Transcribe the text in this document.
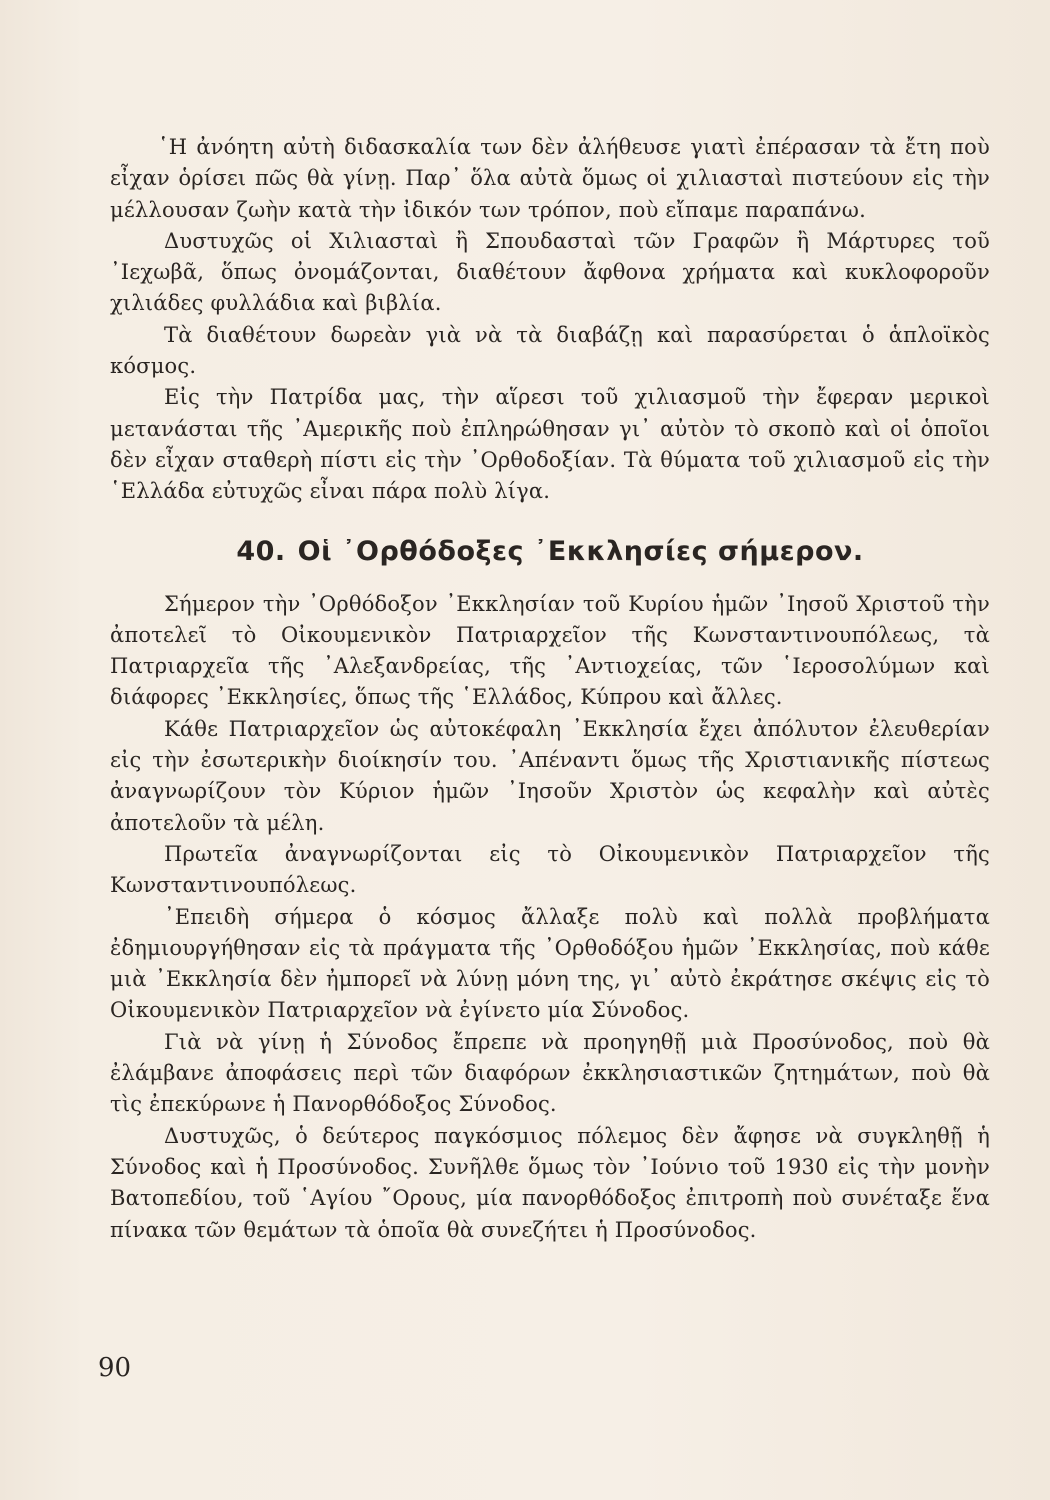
῾Η ἀνόητη αὐτὴ διδασκαλία των δὲν ἀλήθευσε γιατὶ ἐπέρασαν τὰ ἔτη ποὺ εἶχαν ὁρίσει πῶς θὰ γίνῃ. Παρ᾽ ὅλα αὐτὰ ὅμως οἱ χιλιασταὶ πιστεύουν εἰς τὴν μέλλουσαν ζωὴν κατὰ τὴν ἰδικόν των τρόπον, ποὺ εἴπαμε παραπάνω.

Δυστυχῶς οἱ Χιλιασταὶ ἢ Σπουδασταὶ τῶν Γραφῶν ἢ Μάρτυρες τοῦ ᾽Ιεχωβᾶ, ὅπως ὀνομάζονται, διαθέτουν ἄφθονα χρήματα καὶ κυκλοφοροῦν χιλιάδες φυλλάδια καὶ βιβλία.

Τὰ διαθέτουν δωρεὰν γιὰ νὰ τὰ διαβάζῃ καὶ παρασύρεται ὁ ἁπλοϊκὸς κόσμος.

Εἰς τὴν Πατρίδα μας, τὴν αἵρεσι τοῦ χιλιασμοῦ τὴν ἔφεραν μερικοὶ μετανάσται τῆς ᾽Αμερικῆς ποὺ ἐπληρώθησαν γι᾽ αὐτὸν τὸ σκοπὸ καὶ οἱ ὁποῖοι δὲν εἶχαν σταθερὴ πίστι εἰς τὴν ᾽Ορθοδοξίαν. Τὰ θύματα τοῦ χιλιασμοῦ εἰς τὴν ῾Ελλάδα εὐτυχῶς εἶναι πάρα πολὺ λίγα.

40. Οἱ ᾽Ορθόδοξες ᾽Εκκλησίες σήμερον.

Σήμερον τὴν ᾽Ορθόδοξον ᾽Εκκλησίαν τοῦ Κυρίου ἡμῶν ᾽Ιησοῦ Χριστοῦ τὴν ἀποτελεῖ τὸ Οἰκουμενικὸν Πατριαρχεῖον τῆς Κωνσταντινουπόλεως, τὰ Πατριαρχεῖα τῆς ᾽Αλεξανδρείας, τῆς ᾽Αντιοχείας, τῶν ῾Ιεροσολύμων καὶ διάφορες ᾽Εκκλησίες, ὅπως τῆς ῾Ελλάδος, Κύπρου καὶ ἄλλες.

Κάθε Πατριαρχεῖον ὡς αὐτοκέφαλη ᾽Εκκλησία ἔχει ἀπόλυτον ἐλευθερίαν εἰς τὴν ἐσωτερικὴν διοίκησίν του. ᾽Απέναντι ὅμως τῆς Χριστιανικῆς πίστεως ἀναγνωρίζουν τὸν Κύριον ἡμῶν ᾽Ιησοῦν Χριστὸν ὡς κεφαλὴν καὶ αὐτὲς ἀποτελοῦν τὰ μέλη.

Πρωτεῖα ἀναγνωρίζονται εἰς τὸ Οἰκουμενικὸν Πατριαρχεῖον τῆς Κωνσταντινουπόλεως.

᾽Επειδὴ σήμερα ὁ κόσμος ἄλλαξε πολὺ καὶ πολλὰ προβλήματα ἐδημιουργήθησαν εἰς τὰ πράγματα τῆς ᾽Ορθοδόξου ἡμῶν ᾽Εκκλησίας, ποὺ κάθε μιὰ ᾽Εκκλησία δὲν ἠμπορεῖ νὰ λύνῃ μόνη της, γι᾽ αὐτὸ ἐκράτησε σκέψις εἰς τὸ Οἰκουμενικὸν Πατριαρχεῖον νὰ ἐγίνετο μία Σύνοδος.

Γιὰ νὰ γίνῃ ἡ Σύνοδος ἔπρεπε νὰ προηγηθῇ μιὰ Προσύνοδος, ποὺ θὰ ἐλάμβανε ἀποφάσεις περὶ τῶν διαφόρων ἐκκλησιαστικῶν ζητημάτων, ποὺ θὰ τὶς ἐπεκύρωνε ἡ Πανορθόδοξος Σύνοδος.

Δυστυχῶς, ὁ δεύτερος παγκόσμιος πόλεμος δὲν ἄφησε νὰ συγκληθῇ ἡ Σύνοδος καὶ ἡ Προσύνοδος. Συνῆλθε ὅμως τὸν ᾽Ιούνιο τοῦ 1930 εἰς τὴν μονὴν Βατοπεδίου, τοῦ ῾Αγίου ῎Ορους, μία πανορθόδοξος ἐπιτροπὴ ποὺ συνέταξε ἕνα πίνακα τῶν θεμάτων τὰ ὁποῖα θὰ συνεζήτει ἡ Προσύνοδος.

90
